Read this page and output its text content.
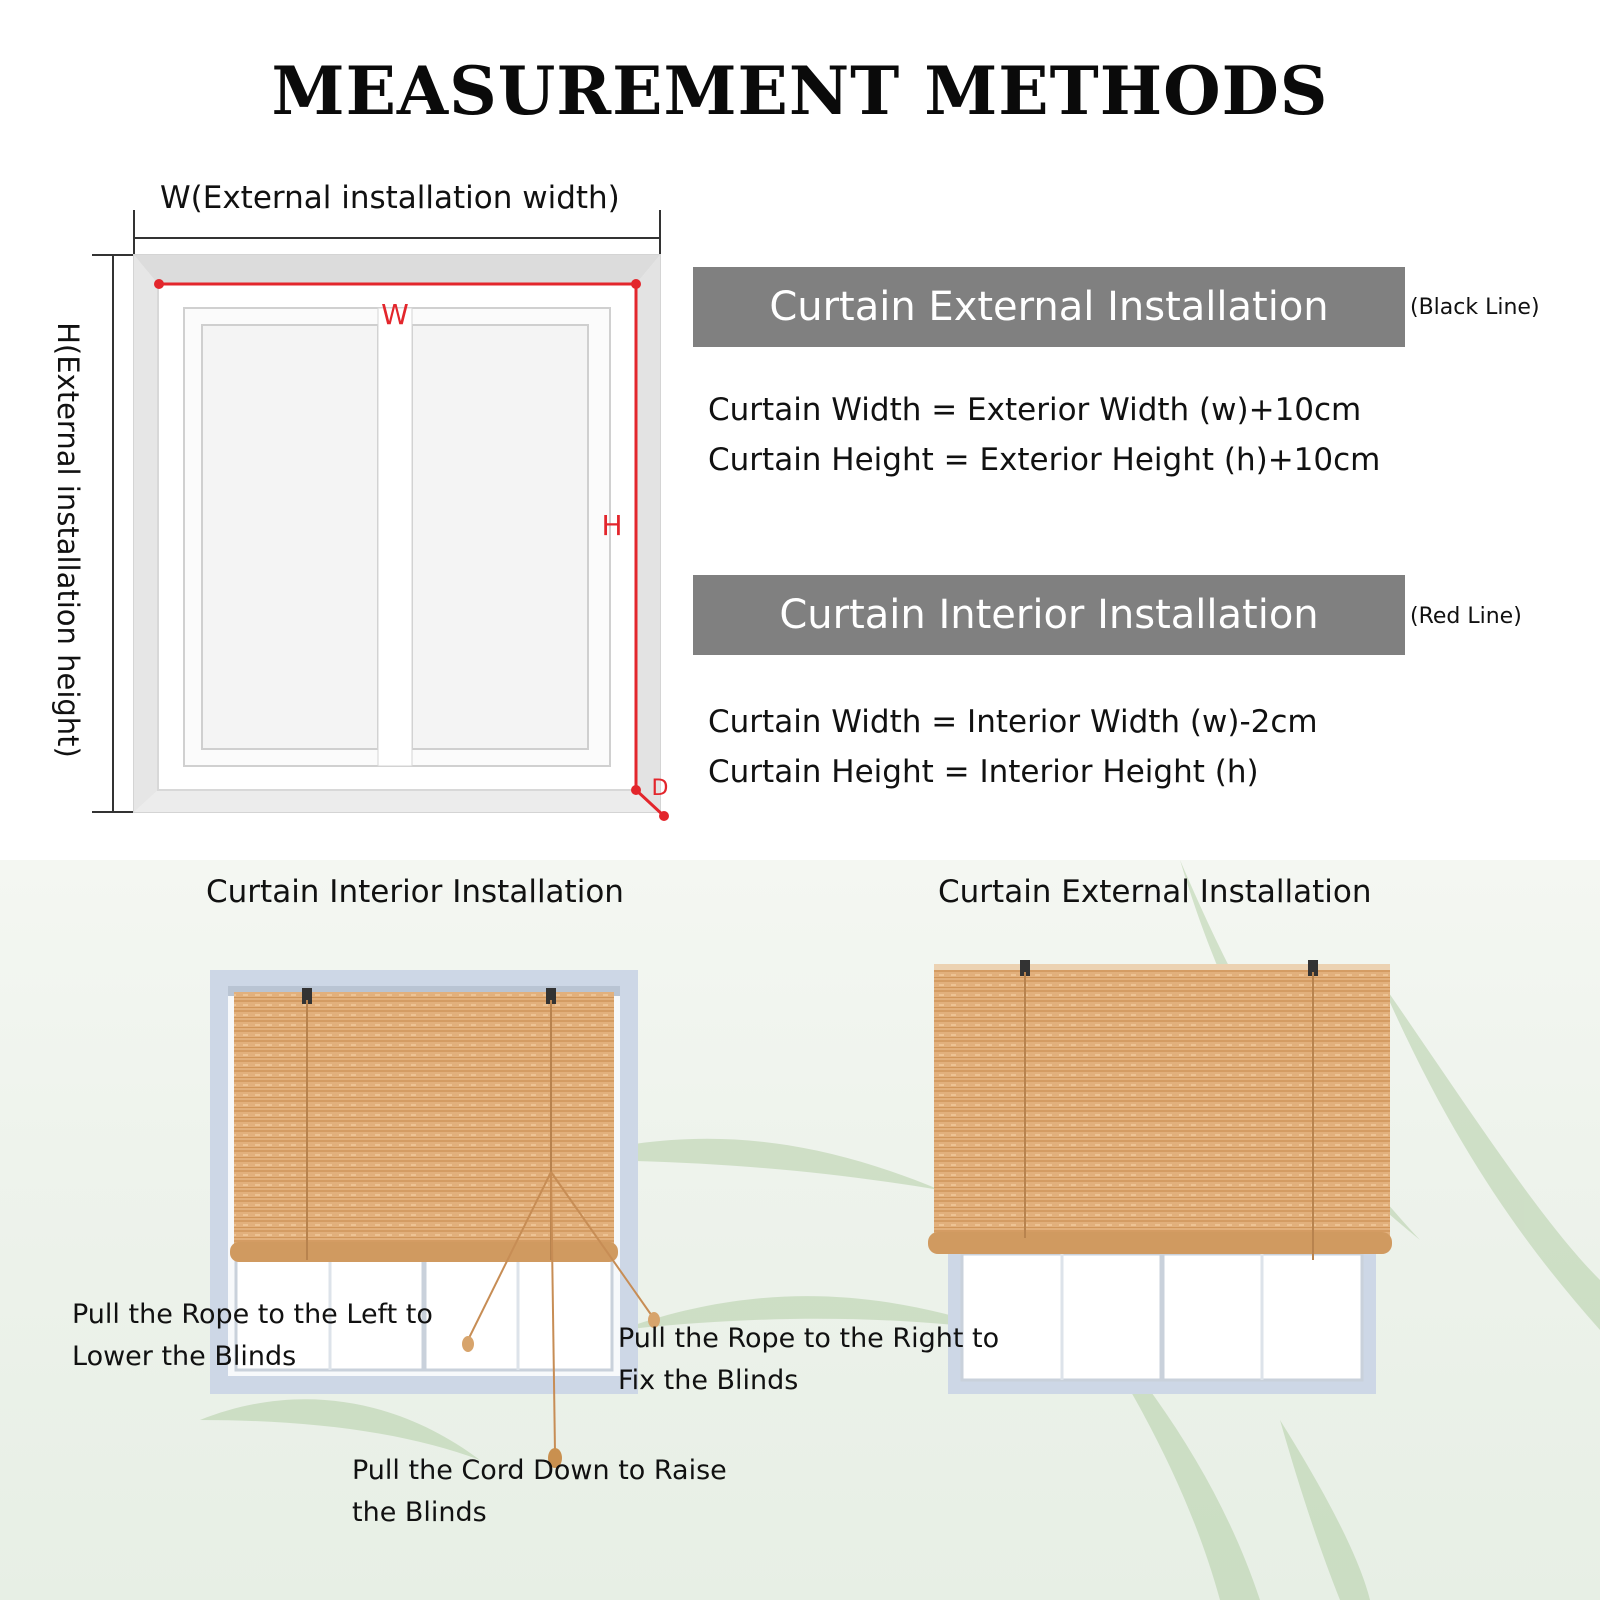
MEASUREMENT METHODS
W
H
D
W(External installation width)
H(External installation height)
Curtain External Installation	(Black Line)
Curtain Width = Exterior Width (w)+10cm
Curtain Height = Exterior Height (h)+10cm
Curtain Interior Installation	(Red Line)
Curtain Width = Interior Width (w)-2cm
Curtain Height = Interior Height (h)
Curtain Interior Installation	Curtain External Installation
Pull the Rope to the Left to
Lower the Blinds
Pull the Rope to the Right to
Fix the Blinds
Pull the Cord Down to Raise
the Blinds
